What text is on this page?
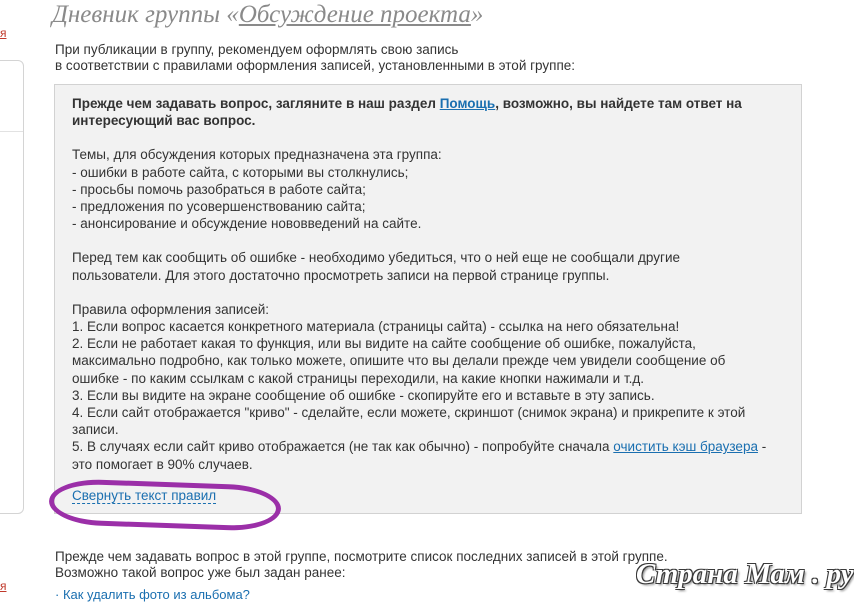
я
я
Дневник группы «Обсуждение проекта»
При публикации в группу, рекомендуем оформлять свою запись
в соответствии с правилами оформления записей, установленными в этой группе:

Прежде чем задавать вопрос, загляните в наш раздел Помощь, возможно, вы найдете там ответ на интересующий вас вопрос.

Темы, для обсуждения которых предназначена эта группа:

- ошибки в работе сайта, с которыми вы столкнулись;

- просьбы помочь разобраться в работе сайта;

- предложения по усовершенствованию сайта;

- анонсирование и обсуждение нововведений на сайте.

Перед тем как сообщить об ошибке - необходимо убедиться, что о ней еще не сообщали другие пользователи. Для этого достаточно просмотреть записи на первой странице группы.

Правила оформления записей:

1. Если вопрос касается конкретного материала (страницы сайта) - ссылка на него обязательна!

2. Если не работает какая то функция, или вы видите на сайте сообщение об ошибке, пожалуйста, максимально подробно, как только можете, опишите что вы делали прежде чем увидели сообщение об ошибке - по каким ссылкам с какой страницы переходили, на какие кнопки нажимали и т.д.

3. Если вы видите на экране сообщение об ошибке - скопируйте его и вставьте в эту запись.

4. Если сайт отображается "криво" - сделайте, если можете, скриншот (снимок экрана) и прикрепите к этой записи.

5. В случаях если сайт криво отображается (не так как обычно) - попробуйте сначала очистить кэш браузера - это помогает в 90% случаев.

Свернуть текст правил
Прежде чем задавать вопрос в этой группе, посмотрите список последних записей в этой группе.
Возможно такой вопрос уже был задан ранее:
· Как удалить фото из альбома?
Страна Мам . ру
